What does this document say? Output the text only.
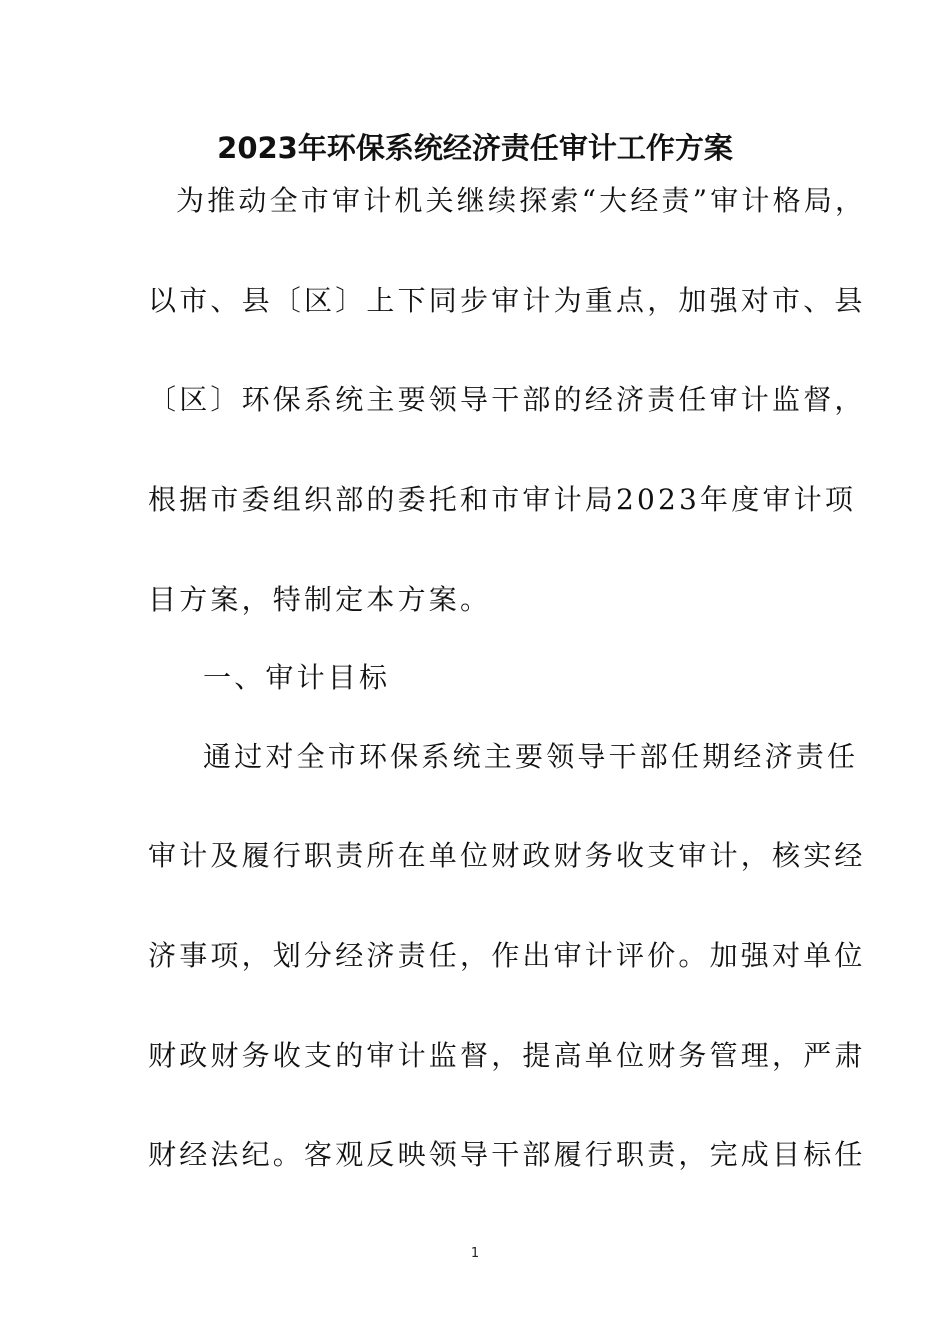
2023年环保系统经济责任审计工作方案
为推动全市审计机关继续探索“大经责”审计格局，
以市、县〔区〕上下同步审计为重点，加强对市、县
〔区〕环保系统主要领导干部的经济责任审计监督，
根据市委组织部的委托和市审计局2023年度审计项
目方案，特制定本方案。
一、审计目标
通过对全市环保系统主要领导干部任期经济责任
审计及履行职责所在单位财政财务收支审计，核实经
济事项，划分经济责任，作出审计评价。加强对单位
财政财务收支的审计监督，提高单位财务管理，严肃
财经法纪。客观反映领导干部履行职责，完成目标任
1
